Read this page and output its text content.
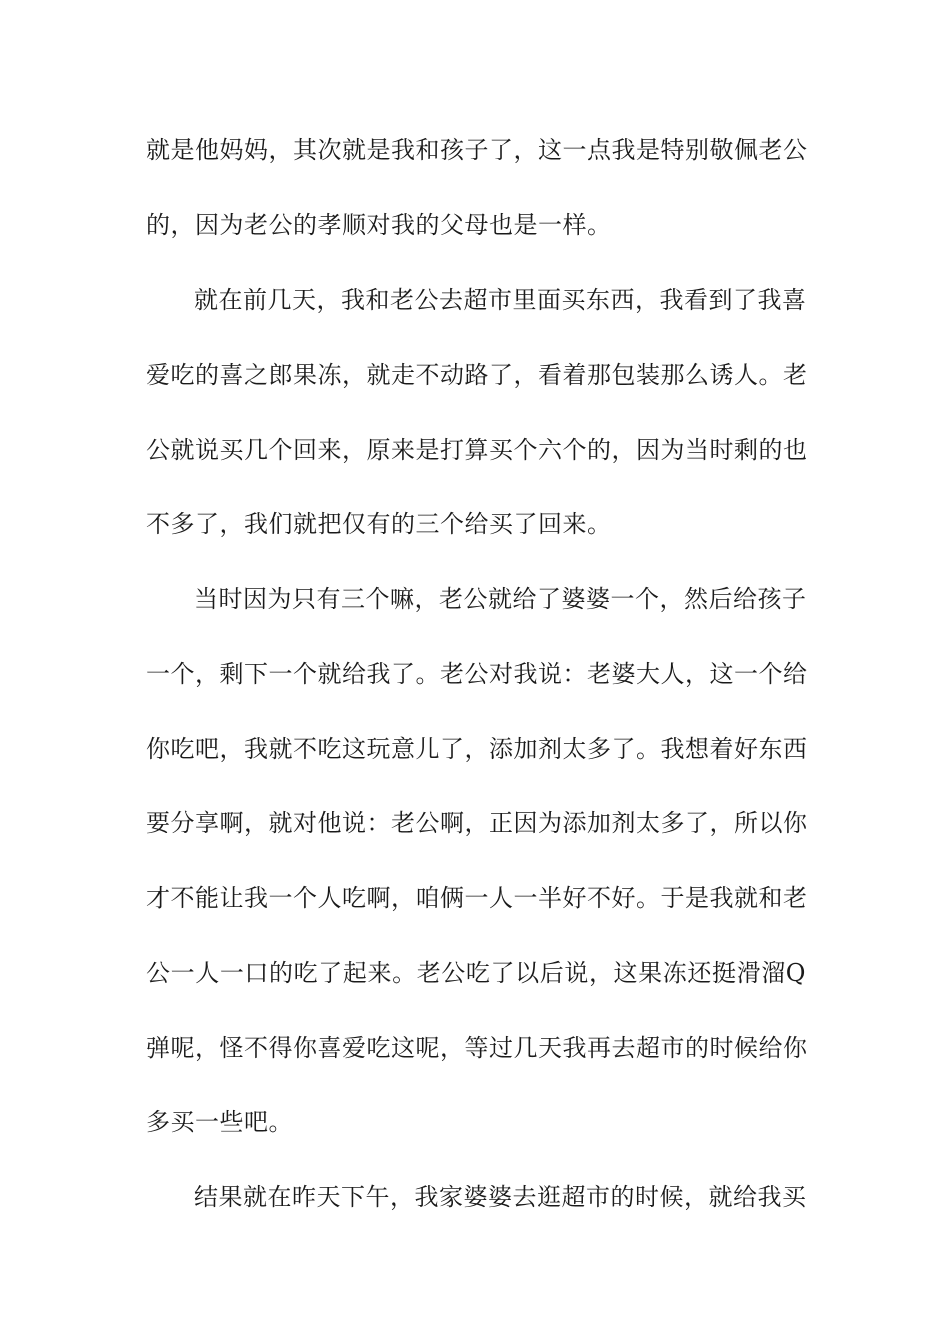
就是他妈妈，其次就是我和孩子了，这一点我是特别敬佩老公
的，因为老公的孝顺对我的父母也是一样。
就在前几天，我和老公去超市里面买东西，我看到了我喜
爱吃的喜之郎果冻，就走不动路了，看着那包装那么诱人。老
公就说买几个回来，原来是打算买个六个的，因为当时剩的也
不多了，我们就把仅有的三个给买了回来。
当时因为只有三个嘛，老公就给了婆婆一个，然后给孩子
一个，剩下一个就给我了。老公对我说：老婆大人，这一个给
你吃吧，我就不吃这玩意儿了，添加剂太多了。我想着好东西
要分享啊，就对他说：老公啊，正因为添加剂太多了，所以你
才不能让我一个人吃啊，咱俩一人一半好不好。于是我就和老
公一人一口的吃了起来。老公吃了以后说，这果冻还挺滑溜Q
弹呢，怪不得你喜爱吃这呢，等过几天我再去超市的时候给你
多买一些吧。
结果就在昨天下午，我家婆婆去逛超市的时候，就给我买
